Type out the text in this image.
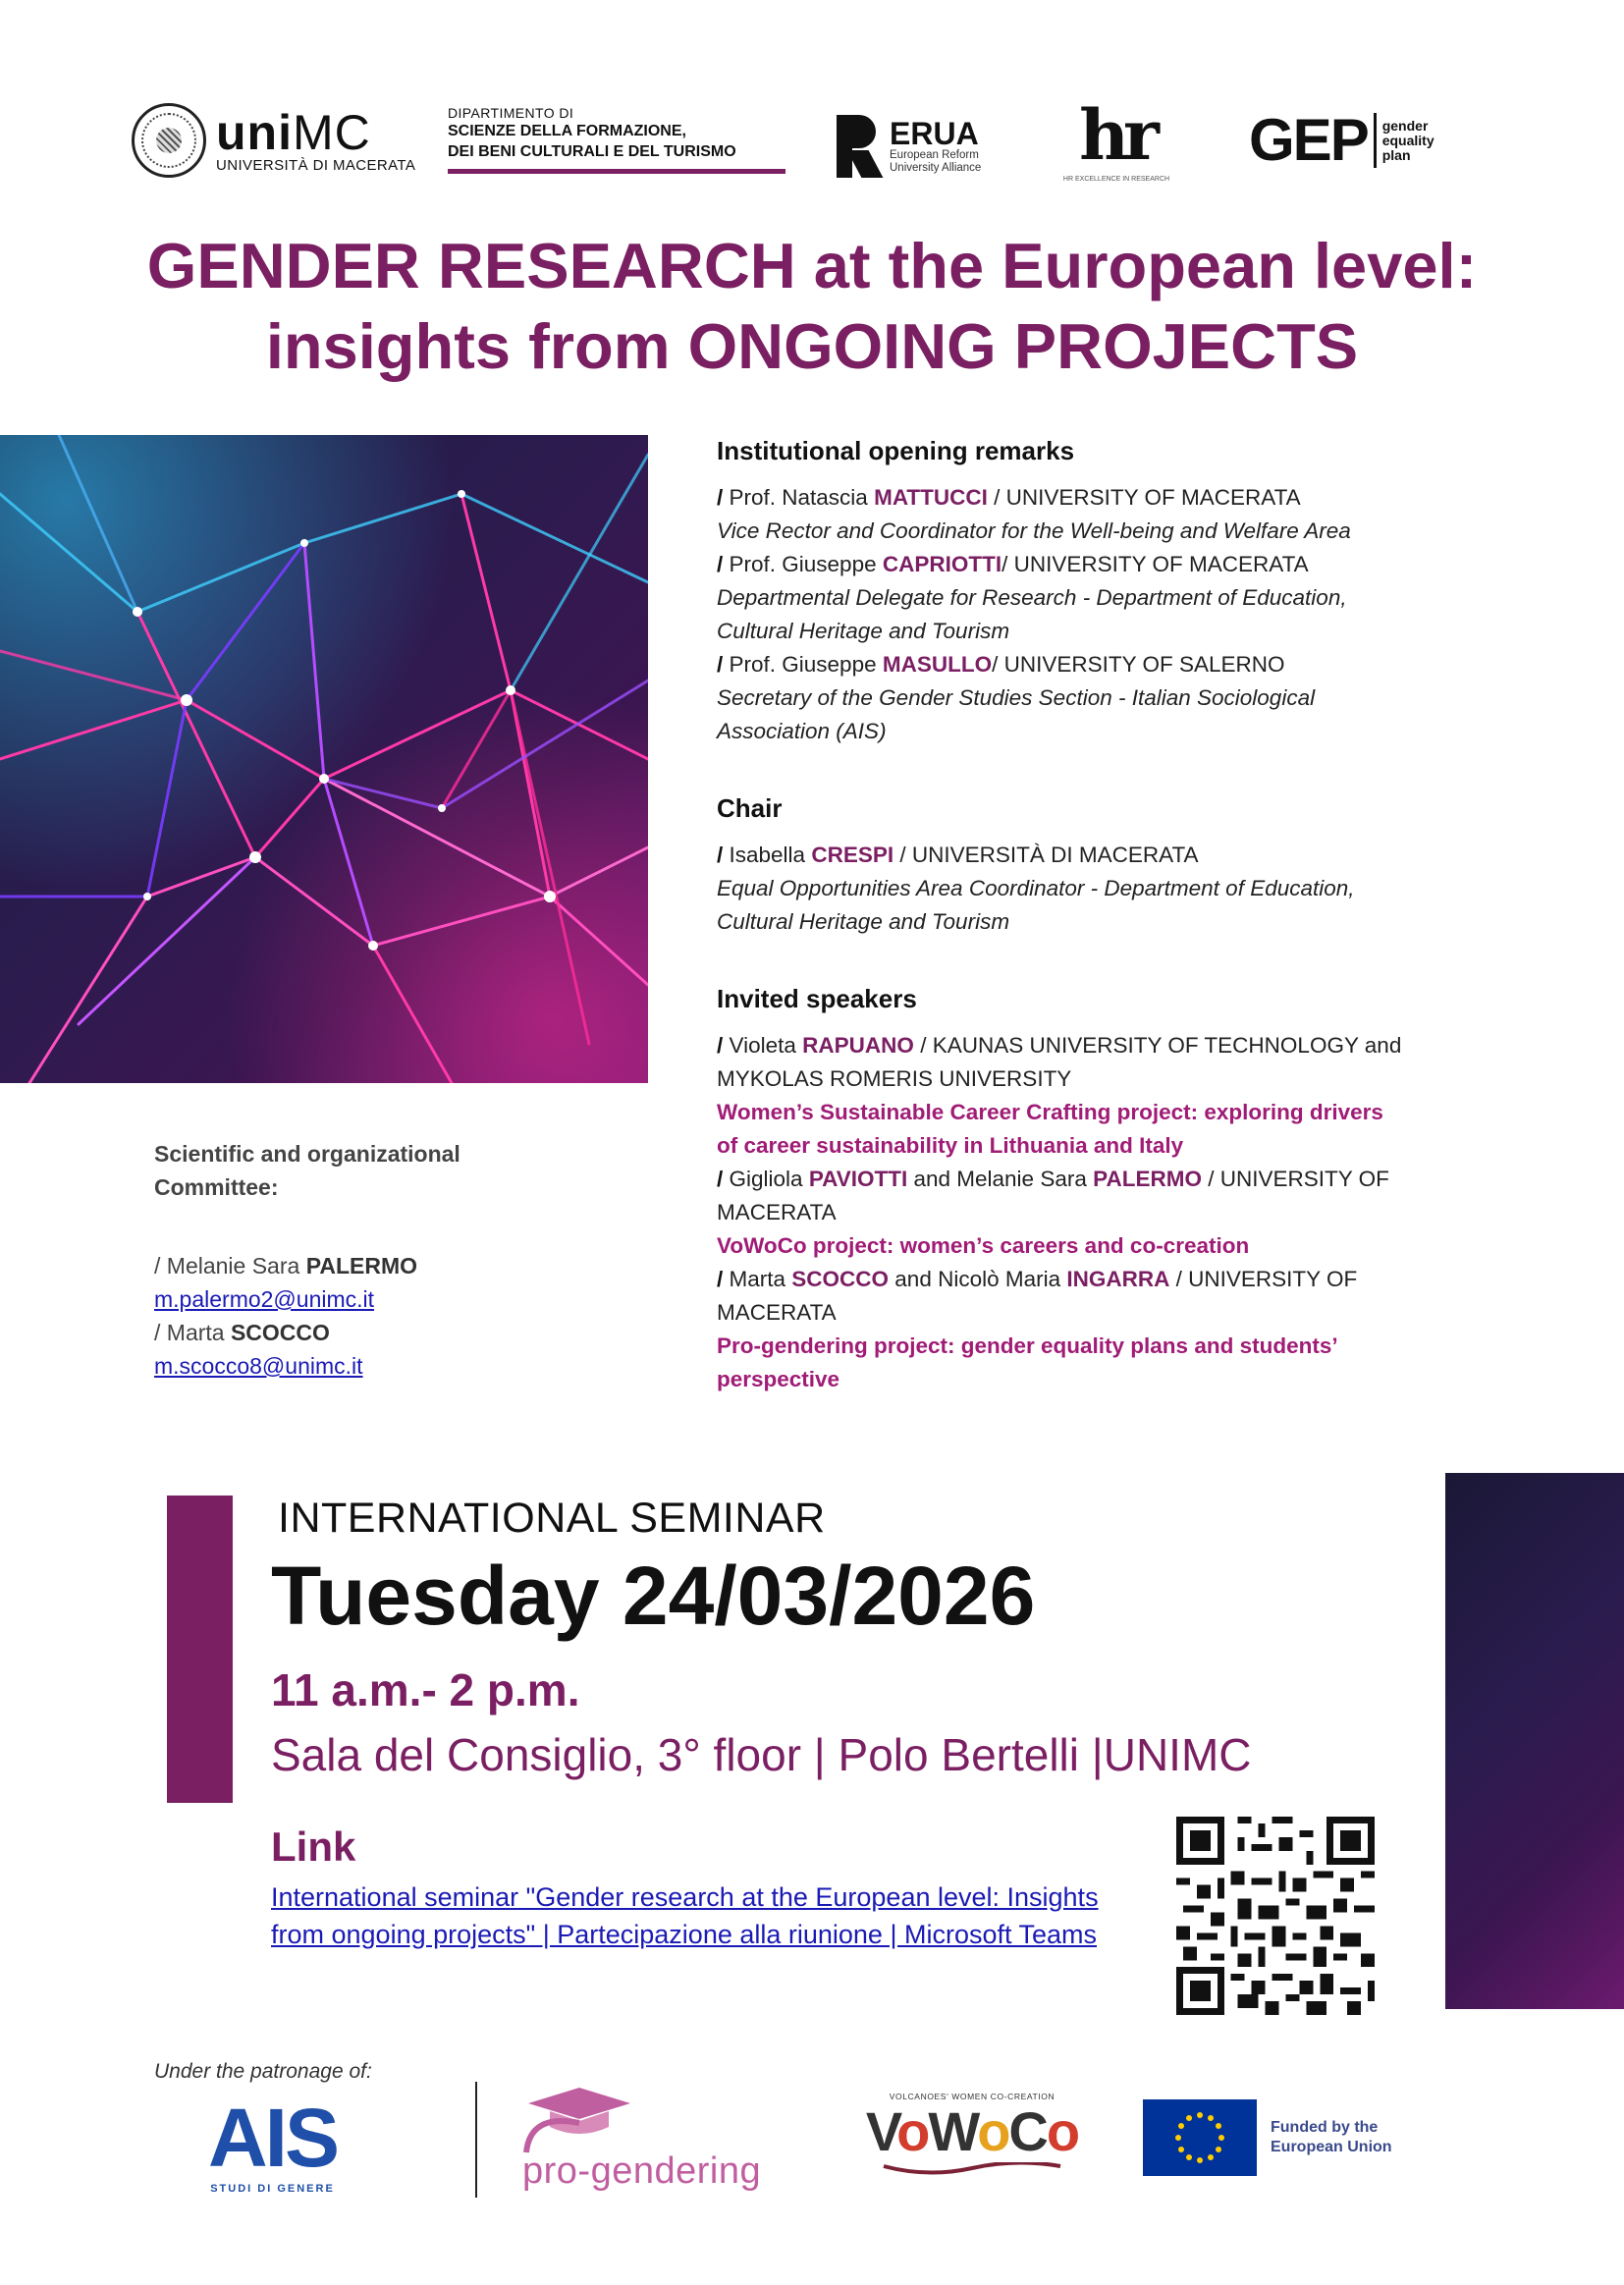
uniMC
UNIVERSITÀ DI MACERATA
DIPARTIMENTO DI
SCIENZE DELLA FORMAZIONE,
DEI BENI CULTURALI E DEL TURISMO
ERUA
European Reform
University Alliance hr
HR EXCELLENCE IN RESEARCH
GEP gender
equality
plan
GENDER RESEARCH at the European level:
insights from ONGOING PROJECTS
Institutional opening remarks
/ Prof. Natascia MATTUCCI / UNIVERSITY OF MACERATA
Vice Rector and Coordinator for the Well-being and Welfare Area
/ Prof. Giuseppe CAPRIOTTI/ UNIVERSITY OF MACERATA
Departmental Delegate for Research - Department of Education,
Cultural Heritage and Tourism
/ Prof. Giuseppe MASULLO/ UNIVERSITY OF SALERNO
Secretary of the Gender Studies Section - Italian Sociological
Association (AIS)
Chair
/ Isabella CRESPI / UNIVERSITÀ DI MACERATA
Equal Opportunities Area Coordinator - Department of Education,
Cultural Heritage and Tourism
Invited speakers
/ Violeta RAPUANO / KAUNAS UNIVERSITY OF TECHNOLOGY and
MYKOLAS ROMERIS UNIVERSITY
Women’s Sustainable Career Crafting project: exploring drivers
of career sustainability in Lithuania and Italy
/ Gigliola PAVIOTTI and Melanie Sara PALERMO / UNIVERSITY OF
MACERATA
VoWoCo project: women’s careers and co-creation
/ Marta SCOCCO and Nicolò Maria INGARRA / UNIVERSITY OF
MACERATA
Pro-gendering project: gender equality plans and students’
perspective
Scientific and organizational Committee:
/ Melanie Sara PALERMO
m.palermo2@unimc.it
/ Marta SCOCCO
m.scocco8@unimc.it
INTERNATIONAL SEMINAR
Tuesday 24/03/2026
11 a.m.- 2 p.m.
Sala del Consiglio, 3° floor | Polo Bertelli |UNIMC
Link
International seminar "Gender research at the European level: Insights
from ongoing projects" | Partecipazione alla riunione | Microsoft Teams
Under the patronage of:
AIS
STUDI DI GENERE	pro-gendering
VOLCANOES' WOMEN CO-CREATION
VoWoCo	Funded by the
European Union
